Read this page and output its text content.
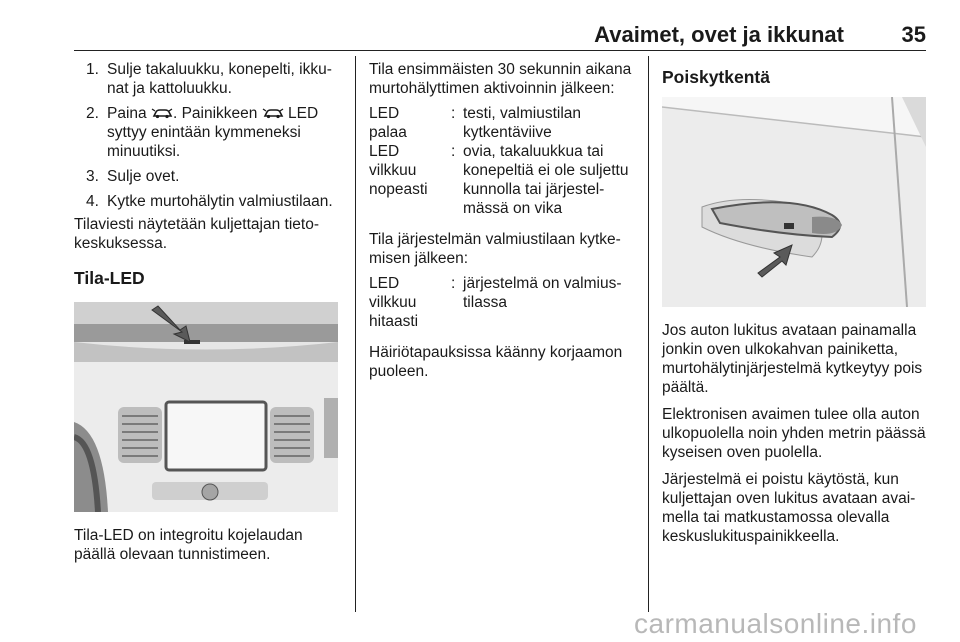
Avaimet, ovet ja ikkunat	35
1. Sulje takaluukku, konepelti, ikkunat ja kattoluukku.
2. Paina . Painikkeen  LED syttyy enintään kymmeneksi minuutiksi.
3. Sulje ovet.
4. Kytke murtohälytin valmiustilaan.

Tilaviesti näytetään kuljettajan tietokeskuksessa.

Tila-LED

Tila-LED on integroitu kojelaudan päällä olevaan tunnistimeen.

Tila ensimmäisten 30 sekunnin aikana murtohälyttimen aktivoinnin jälkeen:

LED
palaa
: testi, valmiustilan kytkentäviive
LED
vilkkuu
nopeasti
: ovia, takaluukkua tai konepeltiä ei ole suljettu kunnolla tai järjestelmässä on vika

Tila järjestelmän valmiustilaan kytkemisen jälkeen:

LED
vilkkuu
hitaasti
: järjestelmä on valmiustilassa

Häiriötapauksissa käänny korjaamon puoleen.

Poiskytkentä

Jos auton lukitus avataan painamalla jonkin oven ulkokahvan painiketta, murtohälytinjärjestelmä kytkeytyy pois päältä.

Elektronisen avaimen tulee olla auton ulkopuolella noin yhden metrin päässä kyseisen oven puolella.

Järjestelmä ei poistu käytöstä, kun kuljettajan oven lukitus avataan avaimella tai matkustamossa olevalla keskuslukituspainikkeella.

carmanualsonline.info
